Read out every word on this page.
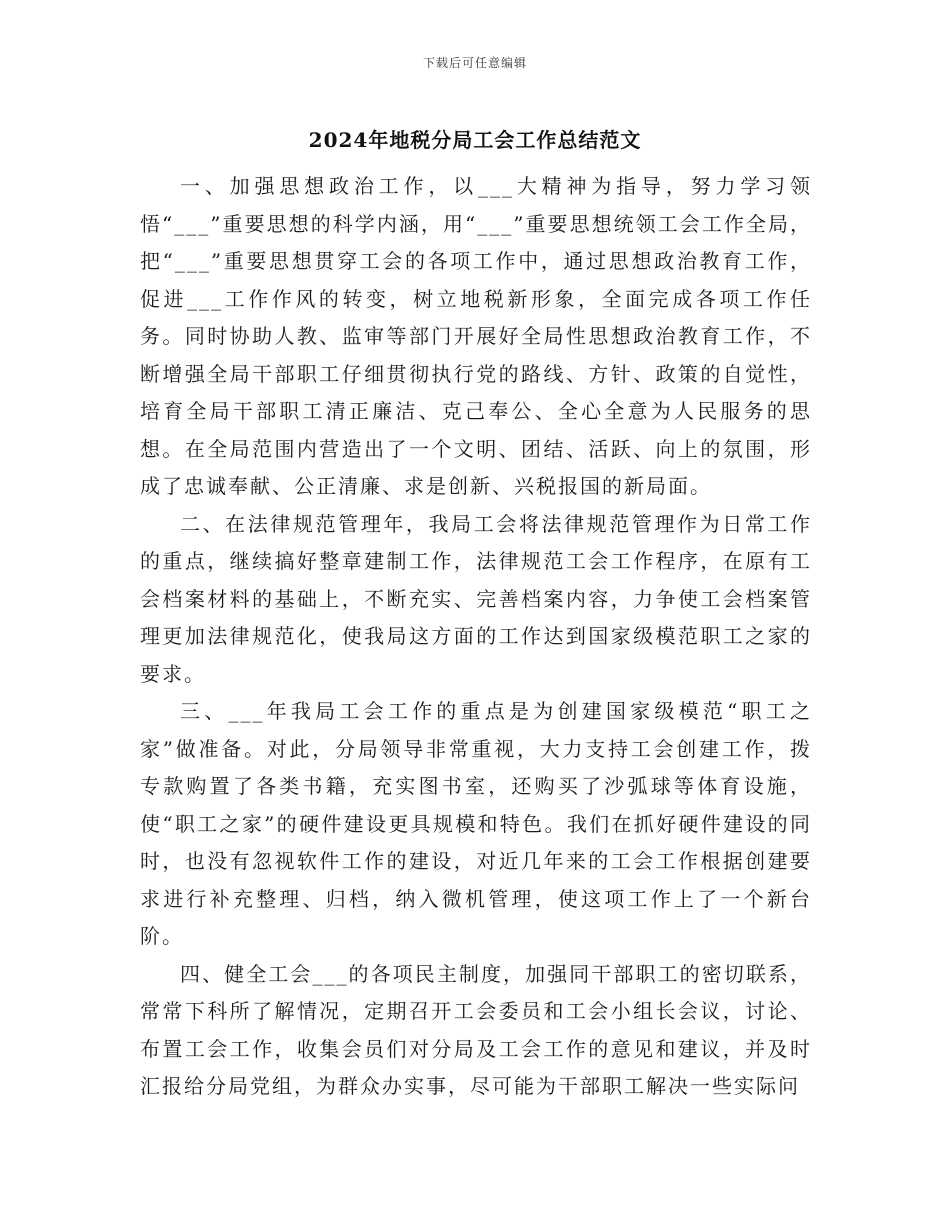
下载后可任意编辑
2024年地税分局工会工作总结范文

一、加强思想政治工作，以___大精神为指导，努力学习领悟“___”重要思想的科学内涵，用“___”重要思想统领工会工作全局，把“___”重要思想贯穿工会的各项工作中，通过思想政治教育工作，促进___工作作风的转变，树立地税新形象，全面完成各项工作任务。同时协助人教、监审等部门开展好全局性思想政治教育工作，不断增强全局干部职工仔细贯彻执行党的路线、方针、政策的自觉性，培育全局干部职工清正廉洁、克己奉公、全心全意为人民服务的思想。在全局范围内营造出了一个文明、团结、活跃、向上的氛围，形成了忠诚奉献、公正清廉、求是创新、兴税报国的新局面。

二、在法律规范管理年，我局工会将法律规范管理作为日常工作的重点，继续搞好整章建制工作，法律规范工会工作程序，在原有工会档案材料的基础上，不断充实、完善档案内容，力争使工会档案管理更加法律规范化，使我局这方面的工作达到国家级模范职工之家的要求。

三、___年我局工会工作的重点是为创建国家级模范“职工之家”做准备。对此，分局领导非常重视，大力支持工会创建工作，拨专款购置了各类书籍，充实图书室，还购买了沙弧球等体育设施，使“职工之家”的硬件建设更具规模和特色。我们在抓好硬件建设的同时，也没有忽视软件工作的建设，对近几年来的工会工作根据创建要求进行补充整理、归档，纳入微机管理，使这项工作上了一个新台阶。

四、健全工会___的各项民主制度，加强同干部职工的密切联系，常常下科所了解情况，定期召开工会委员和工会小组长会议，讨论、布置工会工作，收集会员们对分局及工会工作的意见和建议，并及时汇报给分局党组，为群众办实事，尽可能为干部职工解决一些实际问
